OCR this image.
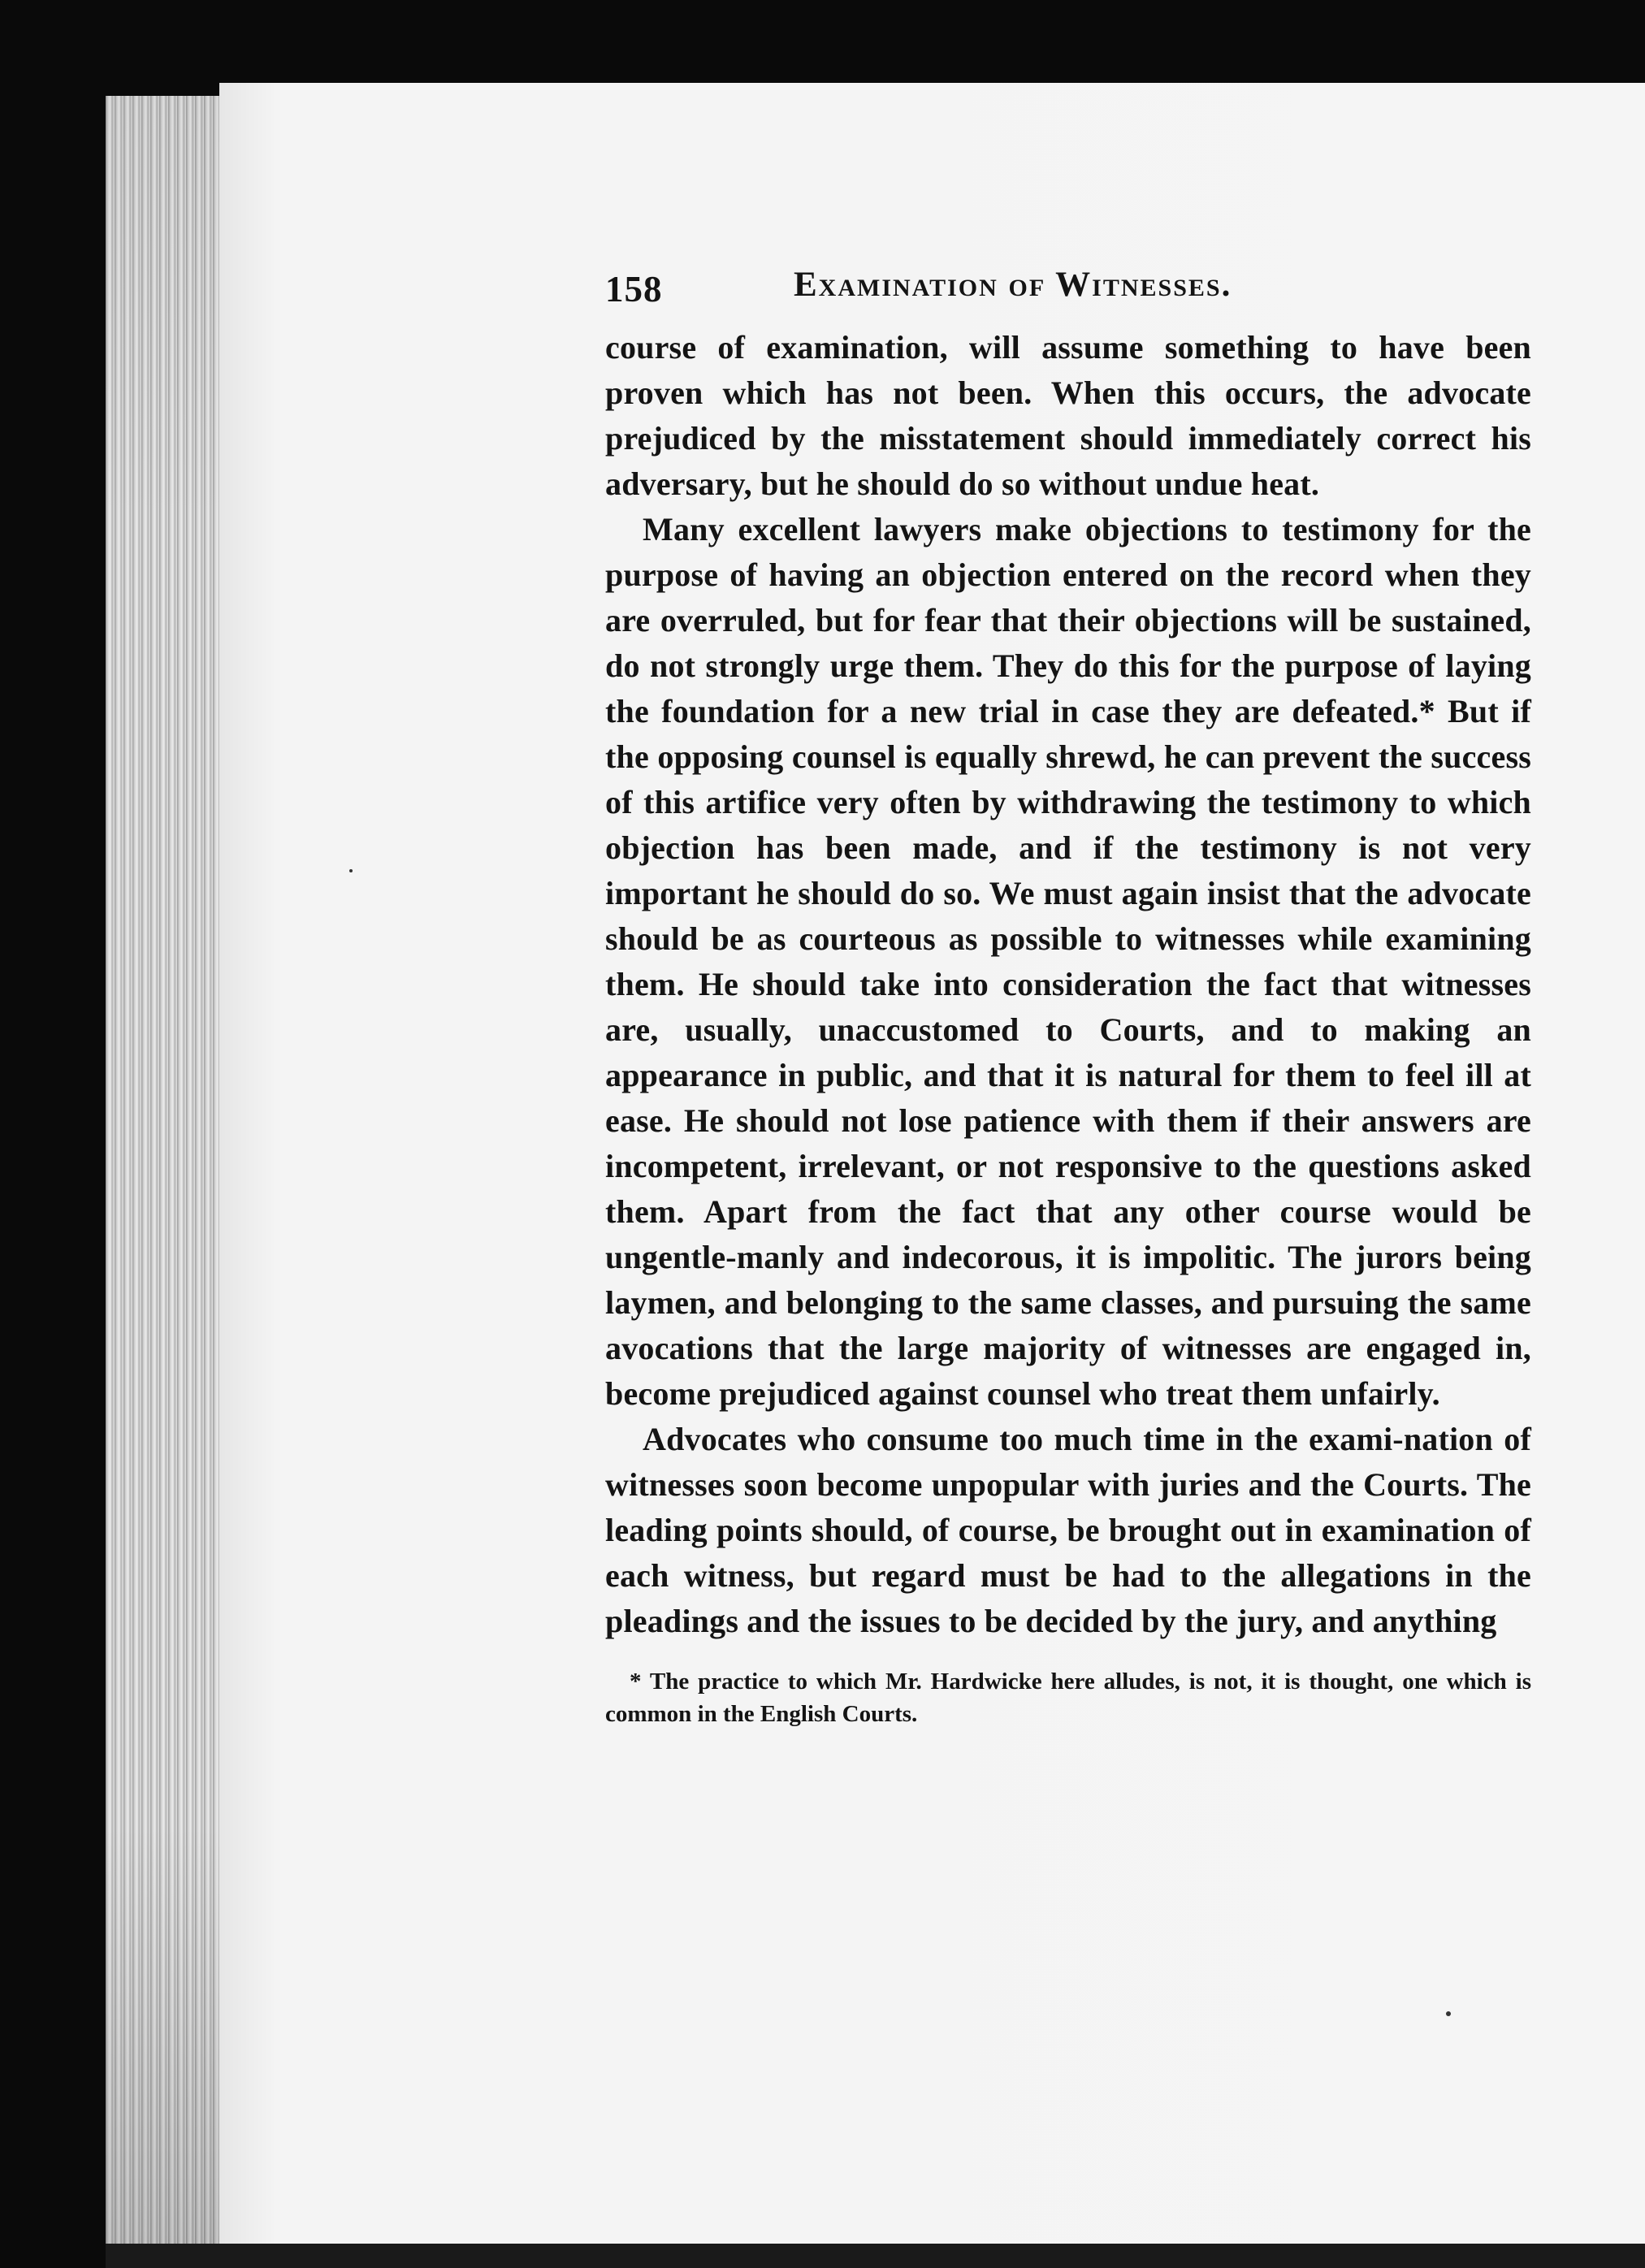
158	Examination of Witnesses.

course of examination, will assume something to have been proven which has not been. When this occurs, the advocate prejudiced by the misstatement should immediately correct his adversary, but he should do so without undue heat.

Many excellent lawyers make objections to testimony for the purpose of having an objection entered on the record when they are overruled, but for fear that their objections will be sustained, do not strongly urge them. They do this for the purpose of laying the foundation for a new trial in case they are defeated.* But if the opposing counsel is equally shrewd, he can prevent the success of this artifice very often by withdrawing the testimony to which objection has been made, and if the testimony is not very important he should do so. We must again insist that the advocate should be as courteous as possible to witnesses while examining them. He should take into consideration the fact that witnesses are, usually, unaccustomed to Courts, and to making an appearance in public, and that it is natural for them to feel ill at ease. He should not lose patience with them if their answers are incompetent, irrelevant, or not responsive to the questions asked them. Apart from the fact that any other course would be ungentle-manly and indecorous, it is impolitic. The jurors being laymen, and belonging to the same classes, and pursuing the same avocations that the large majority of witnesses are engaged in, become prejudiced against counsel who treat them unfairly.

Advocates who consume too much time in the exami-nation of witnesses soon become unpopular with juries and the Courts. The leading points should, of course, be brought out in examination of each witness, but regard must be had to the allegations in the pleadings and the issues to be decided by the jury, and anything

* The practice to which Mr. Hardwicke here alludes, is not, it is thought, one which is common in the English Courts.
